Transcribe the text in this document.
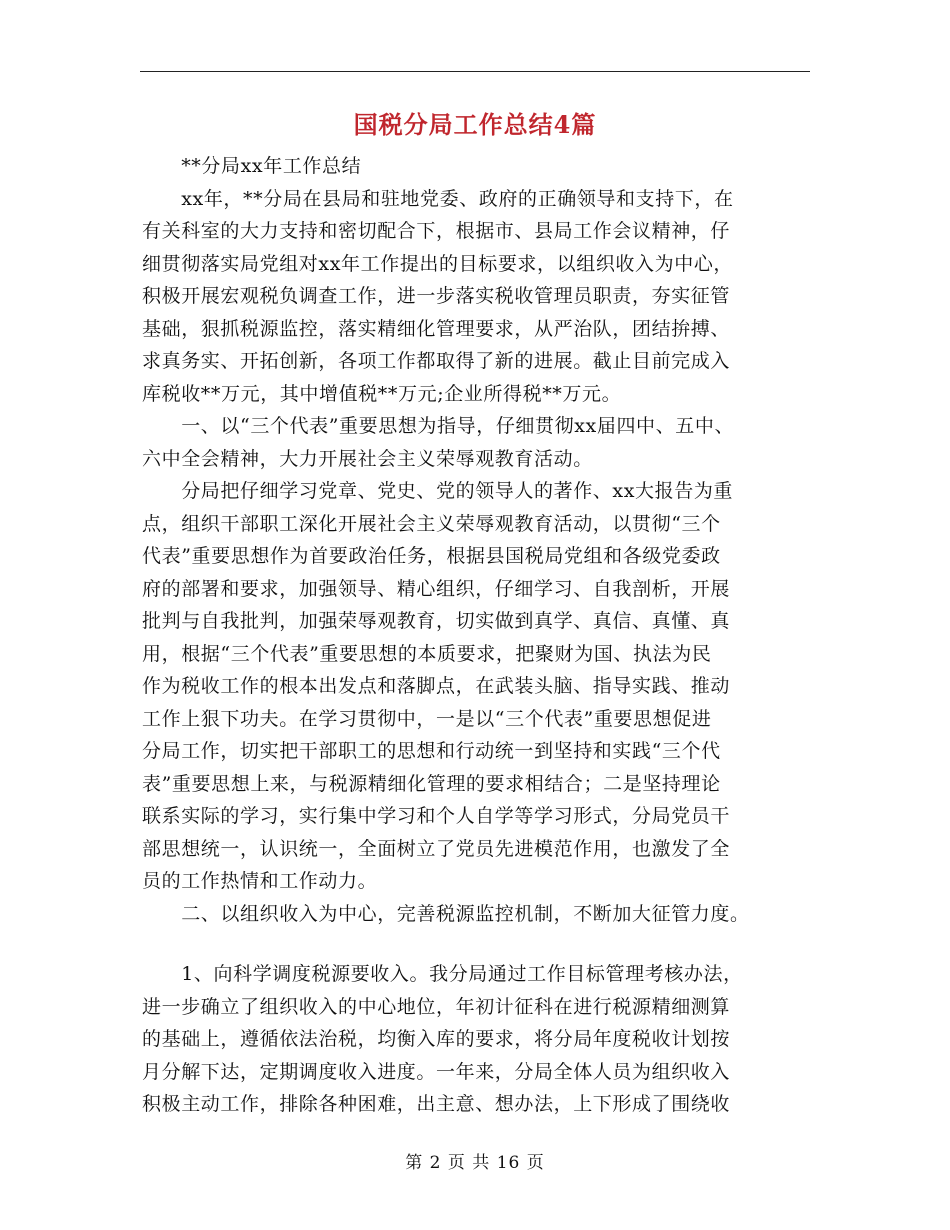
国税分局工作总结4篇
　　**分局xx年工作总结
　　xx年，**分局在县局和驻地党委、政府的正确领导和支持下，在
有关科室的大力支持和密切配合下，根据市、县局工作会议精神，仔
细贯彻落实局党组对xx年工作提出的目标要求，以组织收入为中心，
积极开展宏观税负调查工作，进一步落实税收管理员职责，夯实征管
基础，狠抓税源监控，落实精细化管理要求，从严治队，团结拚搏、
求真务实、开拓创新，各项工作都取得了新的进展。截止目前完成入
库税收**万元，其中增值税**万元;企业所得税**万元。
　　一、以“三个代表”重要思想为指导，仔细贯彻xx届四中、五中、
六中全会精神，大力开展社会主义荣辱观教育活动。
　　分局把仔细学习党章、党史、党的领导人的著作、xx大报告为重
点，组织干部职工深化开展社会主义荣辱观教育活动，以贯彻“三个
代表”重要思想作为首要政治任务，根据县国税局党组和各级党委政
府的部署和要求，加强领导、精心组织，仔细学习、自我剖析，开展
批判与自我批判，加强荣辱观教育，切实做到真学、真信、真懂、真
用，根据“三个代表”重要思想的本质要求，把聚财为国、执法为民
作为税收工作的根本出发点和落脚点，在武装头脑、指导实践、推动
工作上狠下功夫。在学习贯彻中，一是以“三个代表”重要思想促进
分局工作，切实把干部职工的思想和行动统一到坚持和实践“三个代
表”重要思想上来，与税源精细化管理的要求相结合；二是坚持理论
联系实际的学习，实行集中学习和个人自学等学习形式，分局党员干
部思想统一，认识统一，全面树立了党员先进模范作用，也激发了全
员的工作热情和工作动力。
　　二、以组织收入为中心，完善税源监控机制，不断加大征管力度。
　　1、向科学调度税源要收入。我分局通过工作目标管理考核办法，
进一步确立了组织收入的中心地位，年初计征科在进行税源精细测算
的基础上，遵循依法治税，均衡入库的要求，将分局年度税收计划按
月分解下达，定期调度收入进度。一年来，分局全体人员为组织收入
积极主动工作，排除各种困难，出主意、想办法，上下形成了围绕收
第 2 页 共 16 页
